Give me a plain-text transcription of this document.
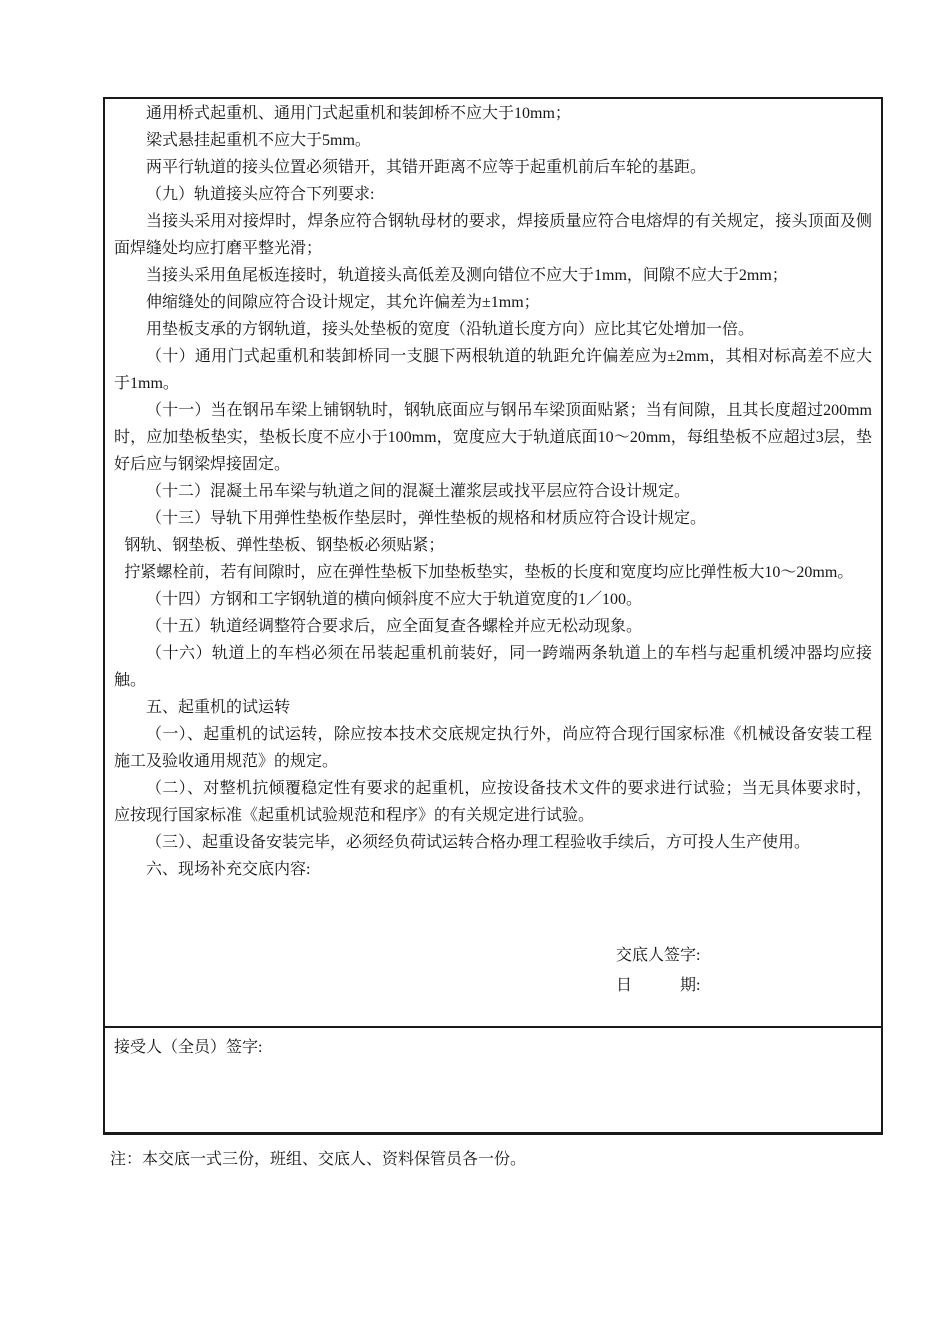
通用桥式起重机、通用门式起重机和装卸桥不应大于10mm；

梁式悬挂起重机不应大于5mm。

两平行轨道的接头位置必须错开，其错开距离不应等于起重机前后车轮的基距。

（九）轨道接头应符合下列要求:

当接头采用对接焊时，焊条应符合钢轨母材的要求，焊接质量应符合电熔焊的有关规定，接头顶面及侧面焊缝处均应打磨平整光滑；

当接头采用鱼尾板连接时，轨道接头高低差及测向错位不应大于1mm，间隙不应大于2mm；

伸缩缝处的间隙应符合设计规定，其允许偏差为±1mm；

用垫板支承的方钢轨道，接头处垫板的宽度（沿轨道长度方向）应比其它处增加一倍。

（十）通用门式起重机和装卸桥同一支腿下两根轨道的轨距允许偏差应为±2mm，其相对标高差不应大于1mm。

（十一）当在钢吊车梁上铺钢轨时，钢轨底面应与钢吊车梁顶面贴紧；当有间隙，且其长度超过200mm时，应加垫板垫实，垫板长度不应小于100mm，宽度应大于轨道底面10～20mm，每组垫板不应超过3层，垫好后应与钢梁焊接固定。

（十二）混凝土吊车梁与轨道之间的混凝土灌浆层或找平层应符合设计规定。

（十三）导轨下用弹性垫板作垫层时，弹性垫板的规格和材质应符合设计规定。

钢轨、钢垫板、弹性垫板、钢垫板必须贴紧；

拧紧螺栓前，若有间隙时，应在弹性垫板下加垫板垫实，垫板的长度和宽度均应比弹性板大10～20mm。

（十四）方钢和工字钢轨道的横向倾斜度不应大于轨道宽度的1／100。

（十五）轨道经调整符合要求后，应全面复查各螺栓并应无松动现象。

（十六）轨道上的车档必须在吊装起重机前装好，同一跨端两条轨道上的车档与起重机缓冲器均应接触。

五、起重机的试运转

（一）、起重机的试运转，除应按本技术交底规定执行外，尚应符合现行国家标准《机械设备安装工程施工及验收通用规范》的规定。

（二）、对整机抗倾覆稳定性有要求的起重机，应按设备技术文件的要求进行试验；当无具体要求时，应按现行国家标准《起重机试验规范和程序》的有关规定进行试验。

（三）、起重设备安装完毕，必须经负荷试运转合格办理工程验收手续后，方可投人生产使用。

六、现场补充交底内容:

交底人签字:
日　　　期:
接受人（全员）签字:
注：本交底一式三份，班组、交底人、资料保管员各一份。
